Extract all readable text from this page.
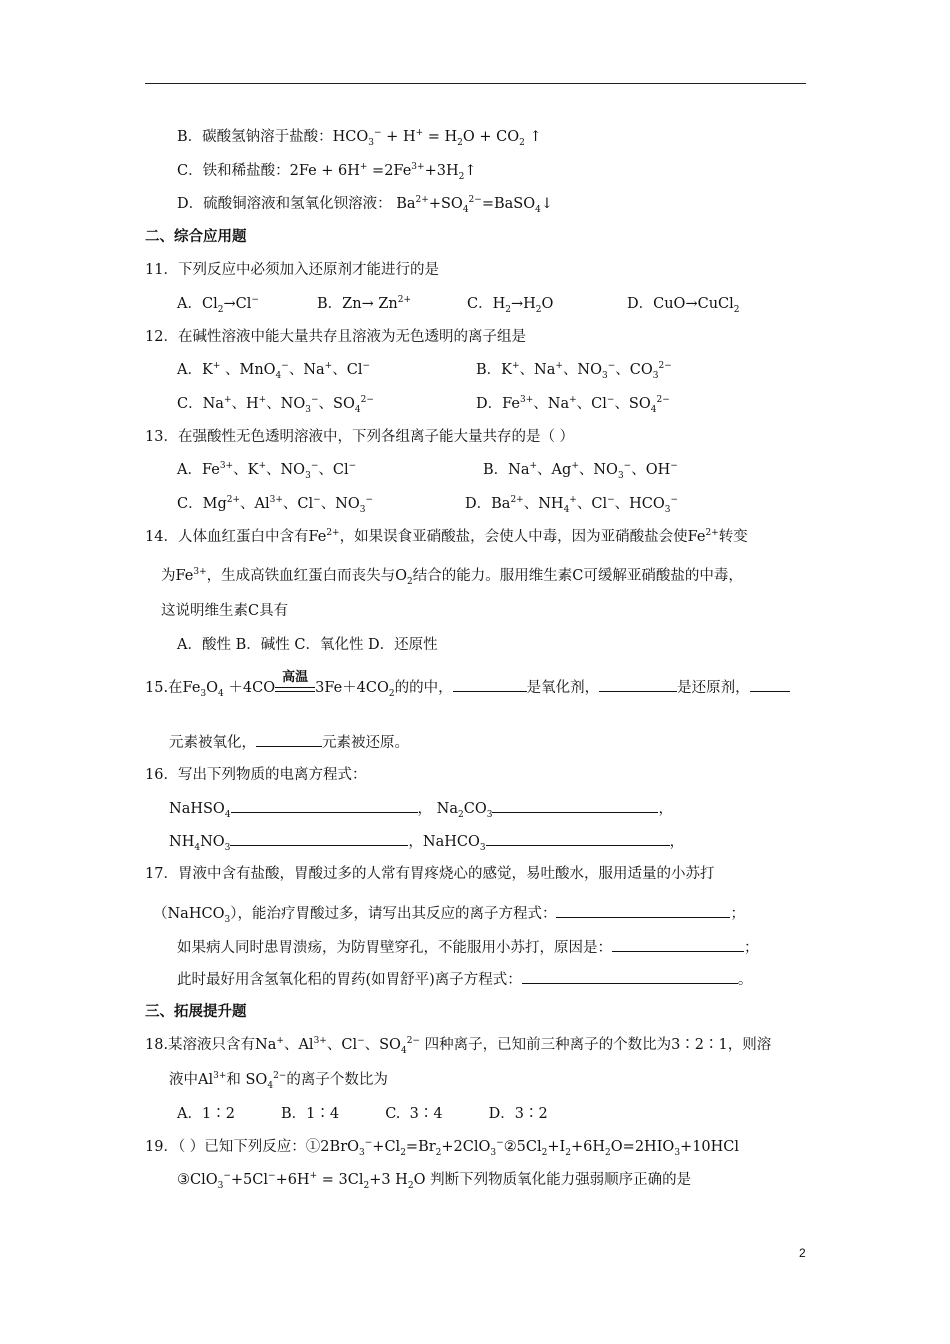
B．碳酸氢钠溶于盐酸：$HCO_3^- + H^+ = H_2O + CO_2$ ↑
C．铁和稀盐酸：$2Fe + 6H^+ =2Fe^{3+}+3H_2↑$
D．硫酸铜溶液和氢氧化钡溶液： $Ba^{2+}+SO_4^{2-}=BaSO_4↓$
二、综合应用题
11．下列反应中必须加入还原剂才能进行的是
A．$Cl_2\to Cl^-$	B．$Zn\to Zn^{2+}$	C．$H_2\to H_2O$	D．CuO→CuCl$_2$
12．在碱性溶液中能大量共存且溶液为无色透明的离子组是
A．K+ 、MnO$_4$−、Na+、Cl−	B．K+、Na+、$NO_3^-$、$CO_3^{2-}$
C．Na+、H+、$NO_3^-$、$SO_4^{2-}$	D．$Fe^{3+}$、Na+、Cl−、$SO_4^{2-}$
13．在强酸性无色透明溶液中，下列各组离子能大量共存的是（ ）
A．$Fe^{3+}$、K+、$NO_3^-$、Cl−	B．Na+、Ag+、$NO_3^-$、OH−
C．$Mg^{2+}$、$Al^{3+}$、Cl−、$NO_3^-$	D．$Ba^{2+}$、$NH_4^+$、Cl−、$HCO_3^-$
14．人体血红蛋白中含有$Fe^{2+}$，如果误食亚硝酸盐，会使人中毒，因为亚硝酸盐会使$Fe^{2+}$转变
为$Fe^{3+}$，生成高铁血红蛋白而丧失与$O_2$结合的能力。服用维生素C可缓解亚硝酸盐的中毒，
这说明维生素C具有
A．酸性 B．碱性 C．氧化性 D．还原性
15.在$Fe_3O_4 +4CO$
高温
$3Fe+4CO_2$的的中，	是氧化剂，	是还原剂，
元素被氧化，	元素被还原。
16．写出下列物质的电离方程式：
NaHSO$_4$	， $Na_2CO_3$	，
$NH_4NO_3$	，NaHCO$_3$	，
17．胃液中含有盐酸，胃酸过多的人常有胃疼烧心的感觉，易吐酸水，服用适量的小苏打
（NaHCO$_3$），能治疗胃酸过多，请写出其反应的离子方程式：	；
如果病人同时患胃溃疡，为防胃壁穿孔，不能服用小苏打，原因是：	；
此时最好用含氢氧化稆的胃药(如胃舒平)离子方程式：	。
三、拓展提升题
18.某溶液只含有Na+、$Al^{3+}$、Cl−、$SO_4^{2-}$ 四种离子，已知前三种离子的个数比为3∶2∶1，则溶
液中$Al^{3+}$和 $SO_4^{2-}$的离子个数比为
A．1∶2          B．1∶4          C.  3∶4          D．3∶2
19．（ ）已知下列反应：$①2BrO_3^-+Cl_2=Br_2+2ClO_3^-②5Cl_2+I_2+6H_2O=2HIO_3+10HCl$
③ClO$_3$−+5Cl−+6H+ = $3Cl_2+3$ $H_2O$ 判断下列物质氧化能力强弱顺序正确的是
2
